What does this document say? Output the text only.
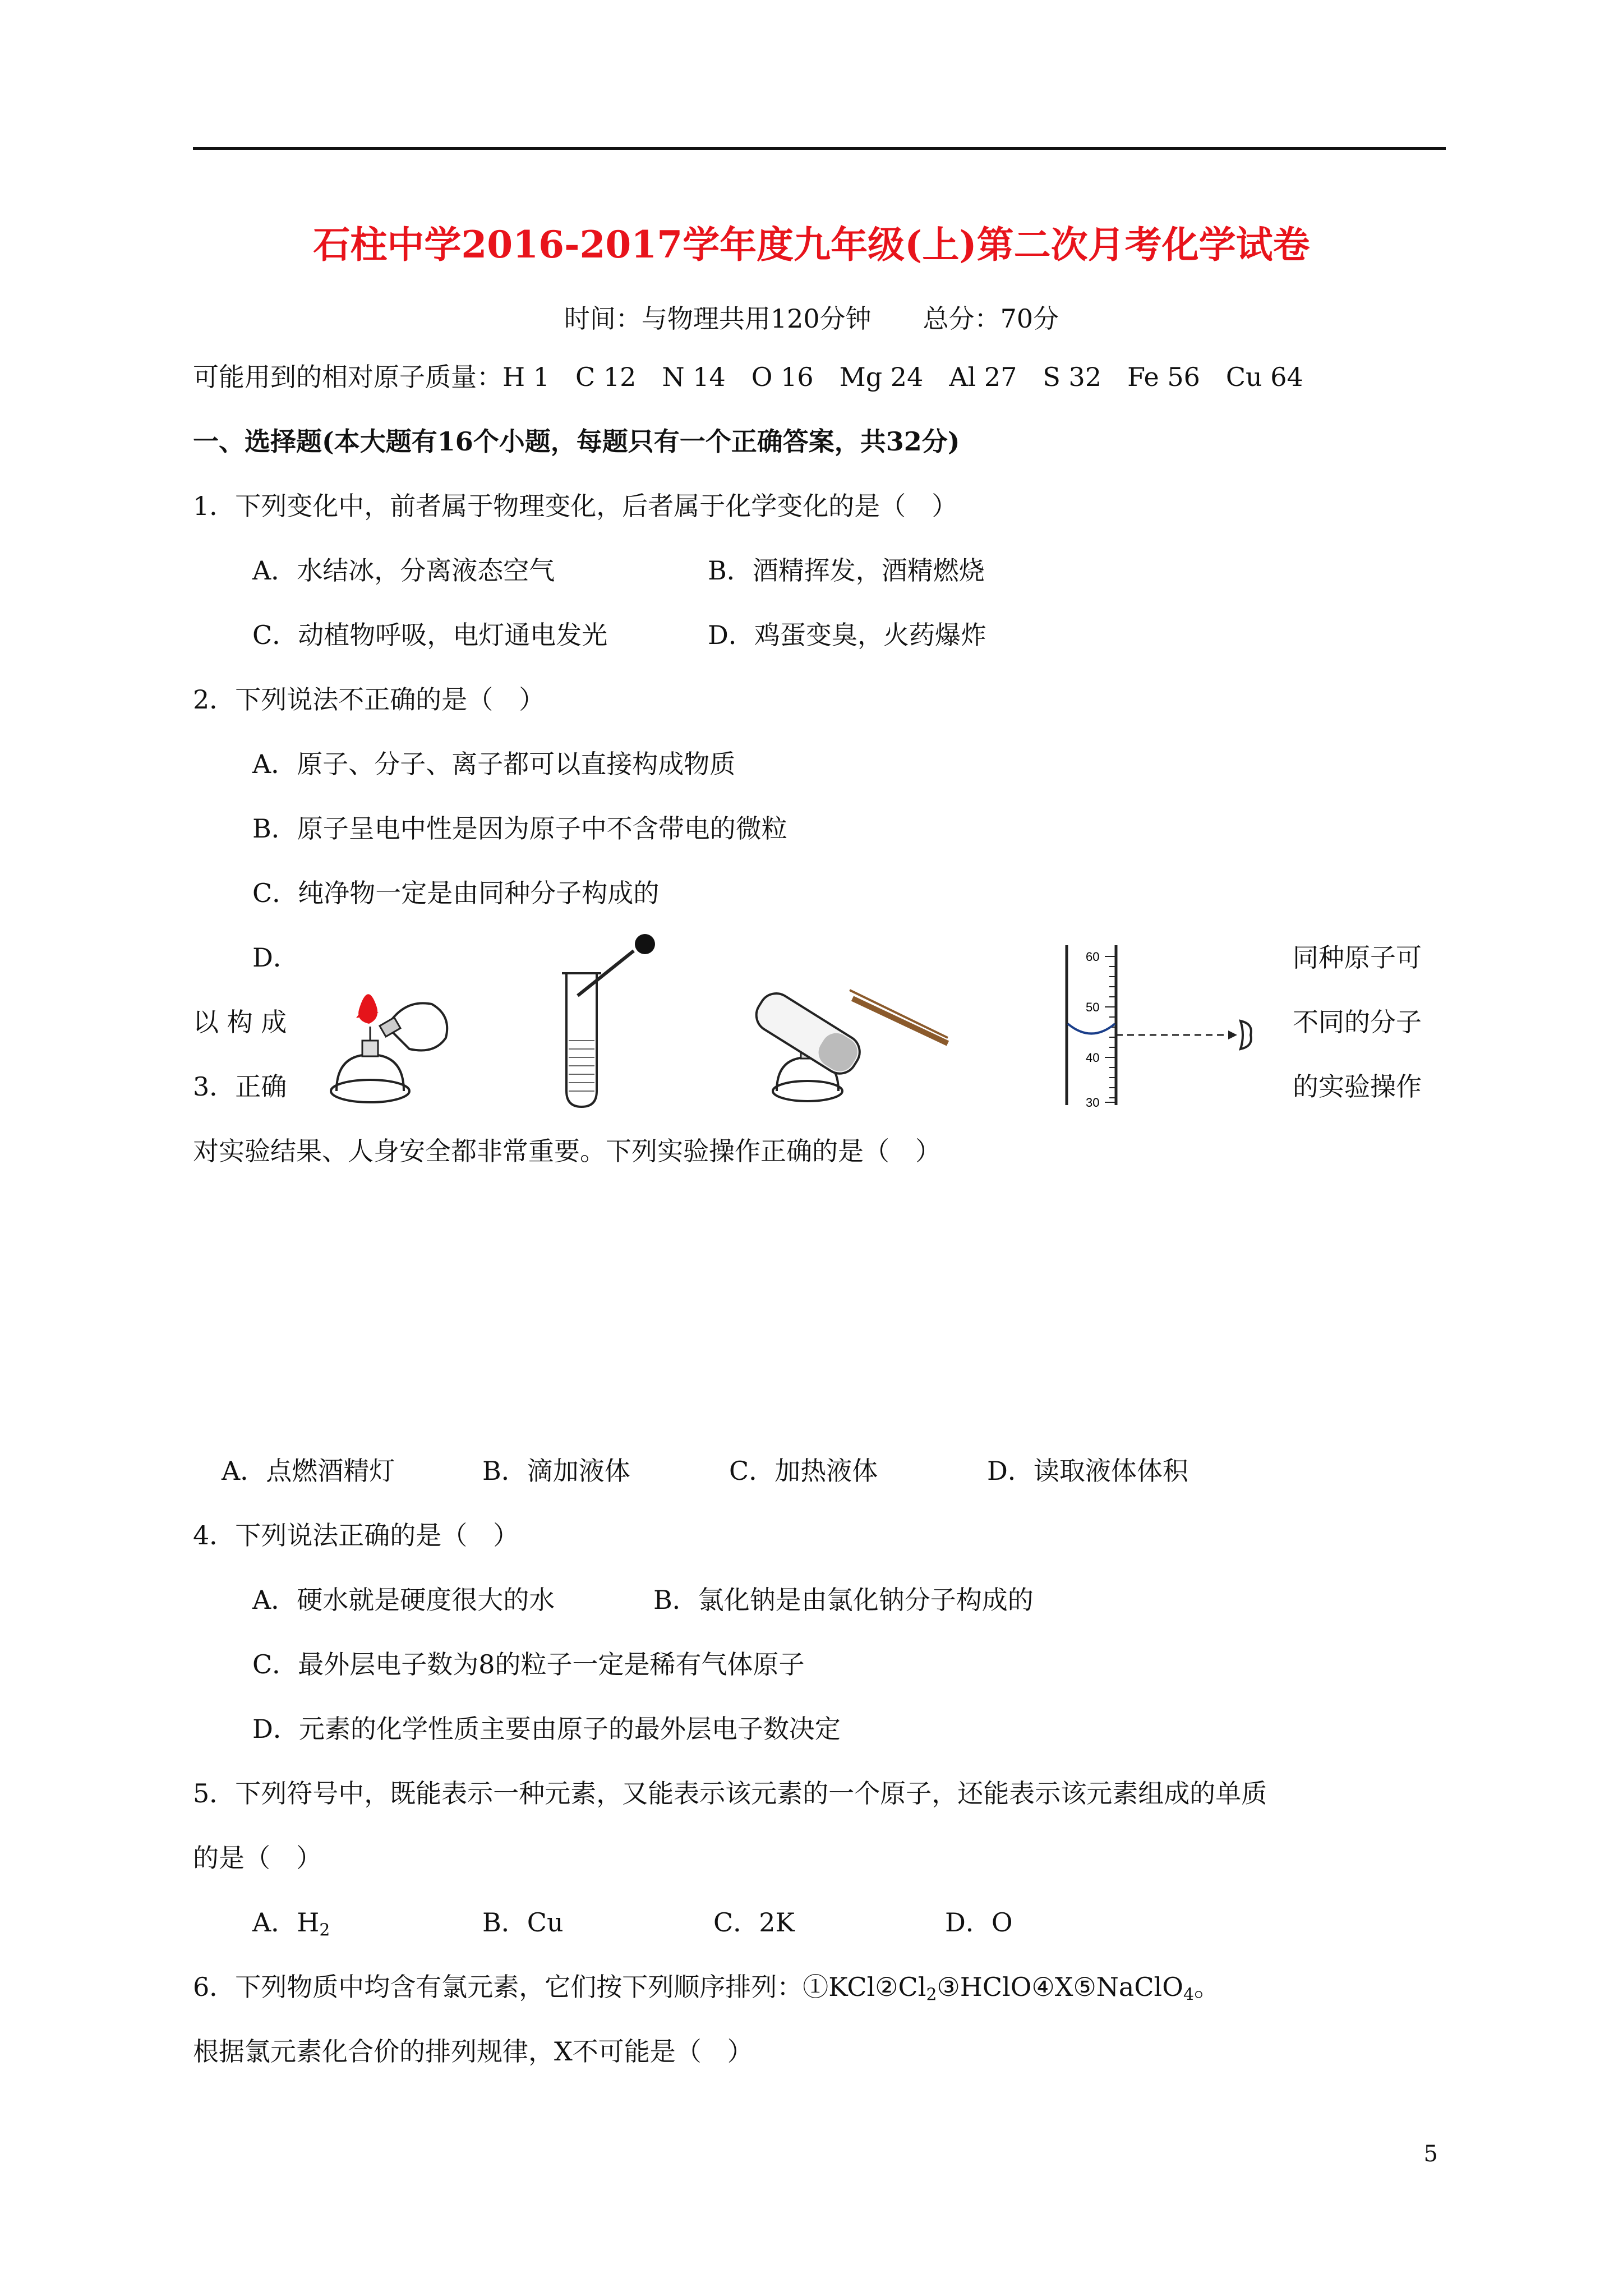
石柱中学2016-2017学年度九年级(上)第二次月考化学试卷
时间：与物理共用120分钟　　总分：70分
可能用到的相对原子质量：H 1　C 12　N 14　O 16　Mg 24　Al 27　S 32　Fe 56　Cu 64
一、选择题(本大题有16个小题，每题只有一个正确答案，共32分)
1．下列变化中，前者属于物理变化，后者属于化学变化的是（　）
A．水结冰，分离液态空气	B．酒精挥发，酒精燃烧
C．动植物呼吸，电灯通电发光	D．鸡蛋变臭，火药爆炸
2．下列说法不正确的是（　）
A．原子、分子、离子都可以直接构成物质
B．原子呈电中性是因为原子中不含带电的微粒
C．纯净物一定是由同种分子构成的
D．	同种原子可
以 构 成	不同的分子
3．正确	的实验操作
对实验结果、人身安全都非常重要。下列实验操作正确的是（　）
60
50
40
30
A．点燃酒精灯	B．滴加液体	C．加热液体	D．读取液体体积
4．下列说法正确的是（　）
A．硬水就是硬度很大的水	B．氯化钠是由氯化钠分子构成的
C．最外层电子数为8的粒子一定是稀有气体原子
D．元素的化学性质主要由原子的最外层电子数决定
5．下列符号中，既能表示一种元素，又能表示该元素的一个原子，还能表示该元素组成的单质
的是（　）
A．$H_2$	B．Cu	C．2K	D．O
6．下列物质中均含有氯元素，它们按下列顺序排列：$①KCl②Cl_2③HClO④X⑤NaClO_4$。
根据氯元素化合价的排列规律，X不可能是（　）
5
